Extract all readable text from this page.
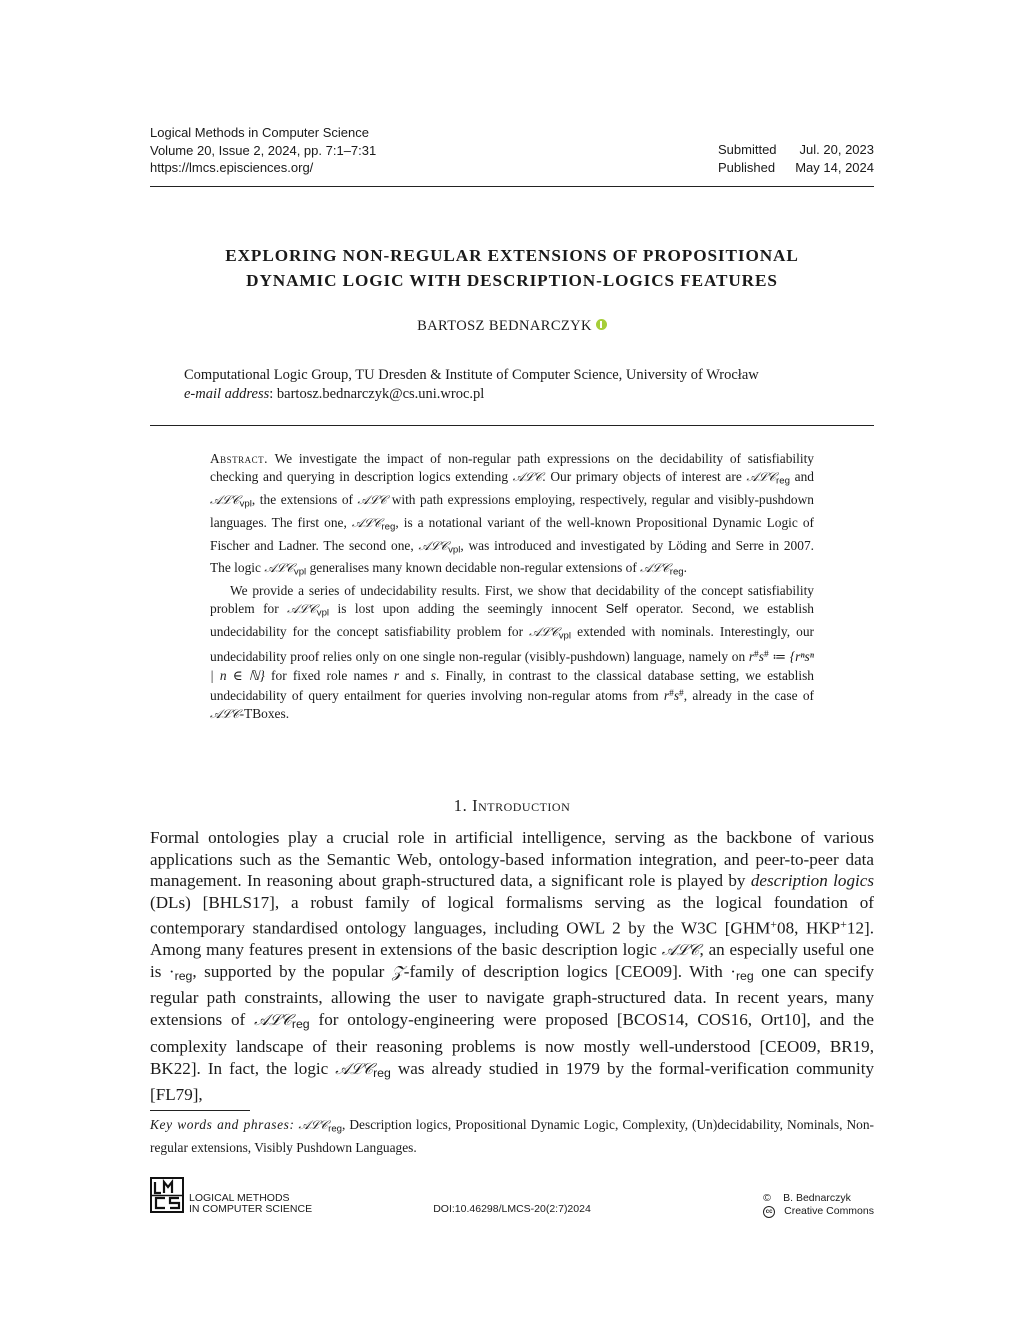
Logical Methods in Computer Science
Volume 20, Issue 2, 2024, pp. 7:1–7:31
https://lmcs.episciences.org/
Submitted	Jul. 20, 2023
Published	May 14, 2024
EXPLORING NON-REGULAR EXTENSIONS OF PROPOSITIONAL
DYNAMIC LOGIC WITH DESCRIPTION-LOGICS FEATURES
BARTOSZ BEDNARCZYK
Computational Logic Group, TU Dresden & Institute of Computer Science, University of Wrocław
e-mail address: bartosz.bednarczyk@cs.uni.wroc.pl

Abstract. We investigate the impact of non-regular path expressions on the decidability of satisfiability checking and querying in description logics extending 𝒜ℒ𝒞. Our primary objects of interest are 𝒜ℒ𝒞$_{reg}$ and 𝒜ℒ𝒞$_{vpl}$, the extensions of 𝒜ℒ𝒞 with path expressions employing, respectively, regular and visibly-pushdown languages. The first one, 𝒜ℒ𝒞$_{reg}$, is a notational variant of the well-known Propositional Dynamic Logic of Fischer and Ladner. The second one, 𝒜ℒ𝒞$_{vpl}$, was introduced and investigated by Löding and Serre in 2007. The logic 𝒜ℒ𝒞$_{vpl}$ generalises many known decidable non-regular extensions of 𝒜ℒ𝒞$_{reg}$.

We provide a series of undecidability results. First, we show that decidability of the concept satisfiability problem for 𝒜ℒ𝒞$_{vpl}$ is lost upon adding the seemingly innocent Self operator. Second, we establish undecidability for the concept satisfiability problem for 𝒜ℒ𝒞$_{vpl}$ extended with nominals. Interestingly, our undecidability proof relies only on one single non-regular (visibly-pushdown) language, namely on r#s# ≔ {rⁿsⁿ | n ∈ ℕ} for fixed role names r and s. Finally, in contrast to the classical database setting, we establish undecidability of query entailment for queries involving non-regular atoms from r#s#, already in the case of 𝒜ℒ𝒞-TBoxes.

1. Introduction

Formal ontologies play a crucial role in artificial intelligence, serving as the backbone of various applications such as the Semantic Web, ontology-based information integration, and peer-to-peer data management. In reasoning about graph-structured data, a significant role is played by description logics (DLs) [BHLS17], a robust family of logical formalisms serving as the logical foundation of contemporary standardised ontology languages, including OWL 2 by the W3C [GHM+08, HKP+12]. Among many features present in extensions of the basic description logic 𝒜ℒ𝒞, an especially useful one is $\cdot_{reg}$, supported by the popular 𝒵-family of description logics [CEO09]. With $\cdot_{reg}$ one can specify regular path constraints, allowing the user to navigate graph-structured data. In recent years, many extensions of 𝒜ℒ𝒞$_{reg}$ for ontology-engineering were proposed [BCOS14, COS16, Ort10], and the complexity landscape of their reasoning problems is now mostly well-understood [CEO09, BR19, BK22]. In fact, the logic 𝒜ℒ𝒞$_{reg}$ was already studied in 1979 by the formal-verification community [FL79],

Key words and phrases: 𝒜ℒ𝒞$_{reg}$, Description logics, Propositional Dynamic Logic, Complexity, (Un)decidability, Nominals, Non-regular extensions, Visibly Pushdown Languages.
LOGICAL METHODS
IN COMPUTER SCIENCE	DOI:10.46298/LMCS-20(2:7)2024
©	B. Bednarczyk
cc Creative Commons
